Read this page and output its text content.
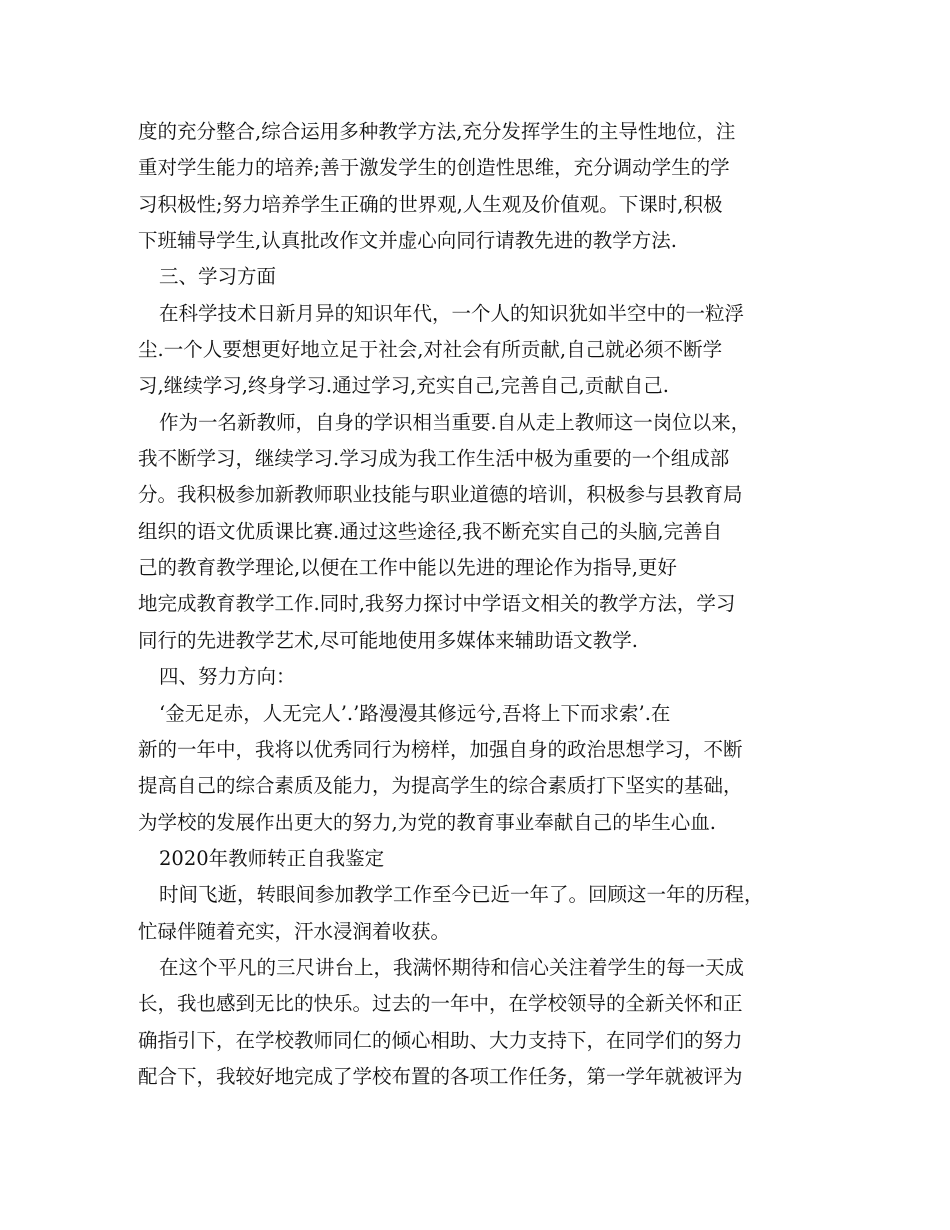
度的充分整合,综合运用多种教学方法,充分发挥学生的主导性地位，注
重对学生能力的培养;善于激发学生的创造性思维，充分调动学生的学
习积极性;努力培养学生正确的世界观,人生观及价值观。下课时,积极
下班辅导学生,认真批改作文并虚心向同行请教先进的教学方法.
三、学习方面
在科学技术日新月异的知识年代，一个人的知识犹如半空中的一粒浮
尘.一个人要想更好地立足于社会,对社会有所贡献,自己就必须不断学
习,继续学习,终身学习.通过学习,充实自己,完善自己,贡献自己.
作为一名新教师，自身的学识相当重要.自从走上教师这一岗位以来，
我不断学习，继续学习.学习成为我工作生活中极为重要的一个组成部
分。我积极参加新教师职业技能与职业道德的培训，积极参与县教育局
组织的语文优质课比赛.通过这些途径,我不断充实自己的头脑,完善自
己的教育教学理论,以便在工作中能以先进的理论作为指导,更好
地完成教育教学工作.同时,我努力探讨中学语文相关的教学方法，学习
同行的先进教学艺术,尽可能地使用多媒体来辅助语文教学.
四、努力方向：
‘金无足赤，人无完人’.’路漫漫其修远兮,吾将上下而求索’.在
新的一年中，我将以优秀同行为榜样，加强自身的政治思想学习，不断
提高自己的综合素质及能力，为提高学生的综合素质打下坚实的基础，
为学校的发展作出更大的努力,为党的教育事业奉献自己的毕生心血.
2020年教师转正自我鉴定
时间飞逝，转眼间参加教学工作至今已近一年了。回顾这一年的历程，
忙碌伴随着充实，汗水浸润着收获。
在这个平凡的三尺讲台上，我满怀期待和信心关注着学生的每一天成
长，我也感到无比的快乐。过去的一年中，在学校领导的全新关怀和正
确指引下，在学校教师同仁的倾心相助、大力支持下，在同学们的努力
配合下，我较好地完成了学校布置的各项工作任务，第一学年就被评为
